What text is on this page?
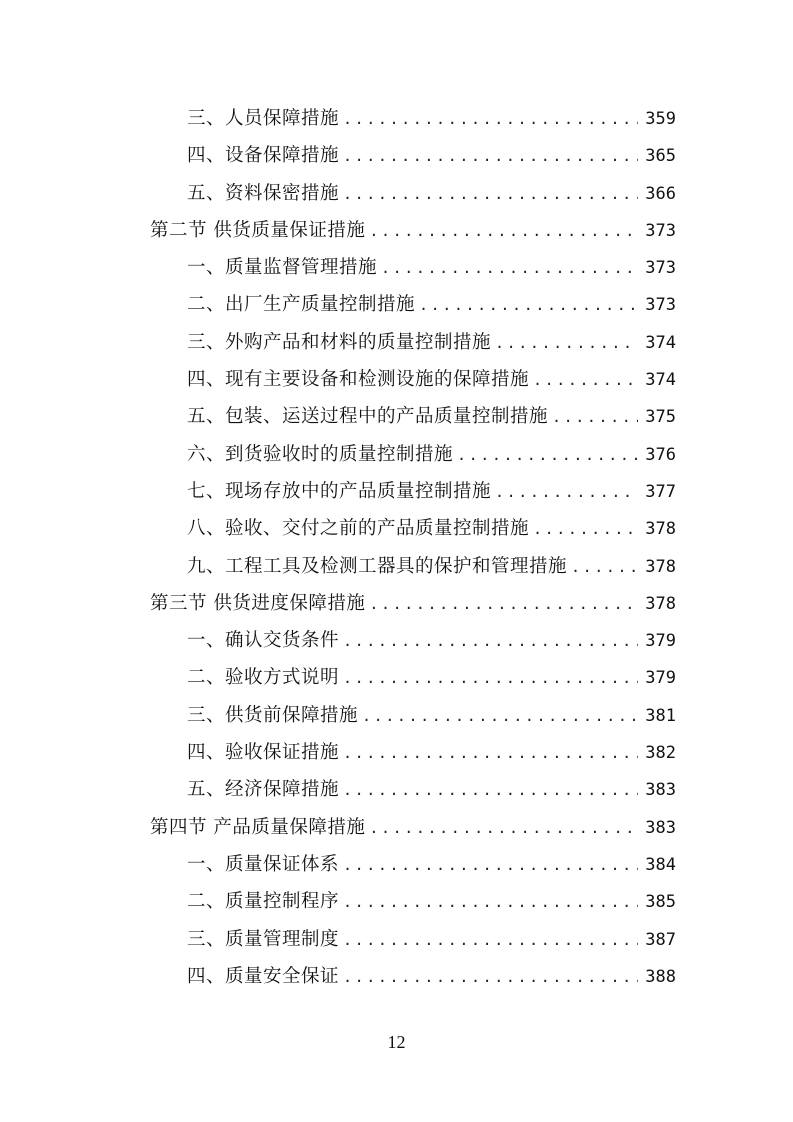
三、人员保障措施 .....	359
四、设备保障措施 .....	365
五、资料保密措施 .....	366
第二节 供货质量保证措施 .....	373
一、质量监督管理措施 .....	373
二、出厂生产质量控制措施 .....	373
三、外购产品和材料的质量控制措施 .....	374
四、现有主要设备和检测设施的保障措施 .....	374
五、包装、运送过程中的产品质量控制措施 .....	375
六、到货验收时的质量控制措施 .....	376
七、现场存放中的产品质量控制措施 .....	377
八、验收、交付之前的产品质量控制措施 .....	378
九、工程工具及检测工器具的保护和管理措施 .....	378
第三节 供货进度保障措施 .....	378
一、确认交货条件 .....	379
二、验收方式说明 .....	379
三、供货前保障措施 .....	381
四、验收保证措施 .....	382
五、经济保障措施 .....	383
第四节 产品质量保障措施 .....	383
一、质量保证体系 .....	384
二、质量控制程序 .....	385
三、质量管理制度 .....	387
四、质量安全保证 .....	388
12
